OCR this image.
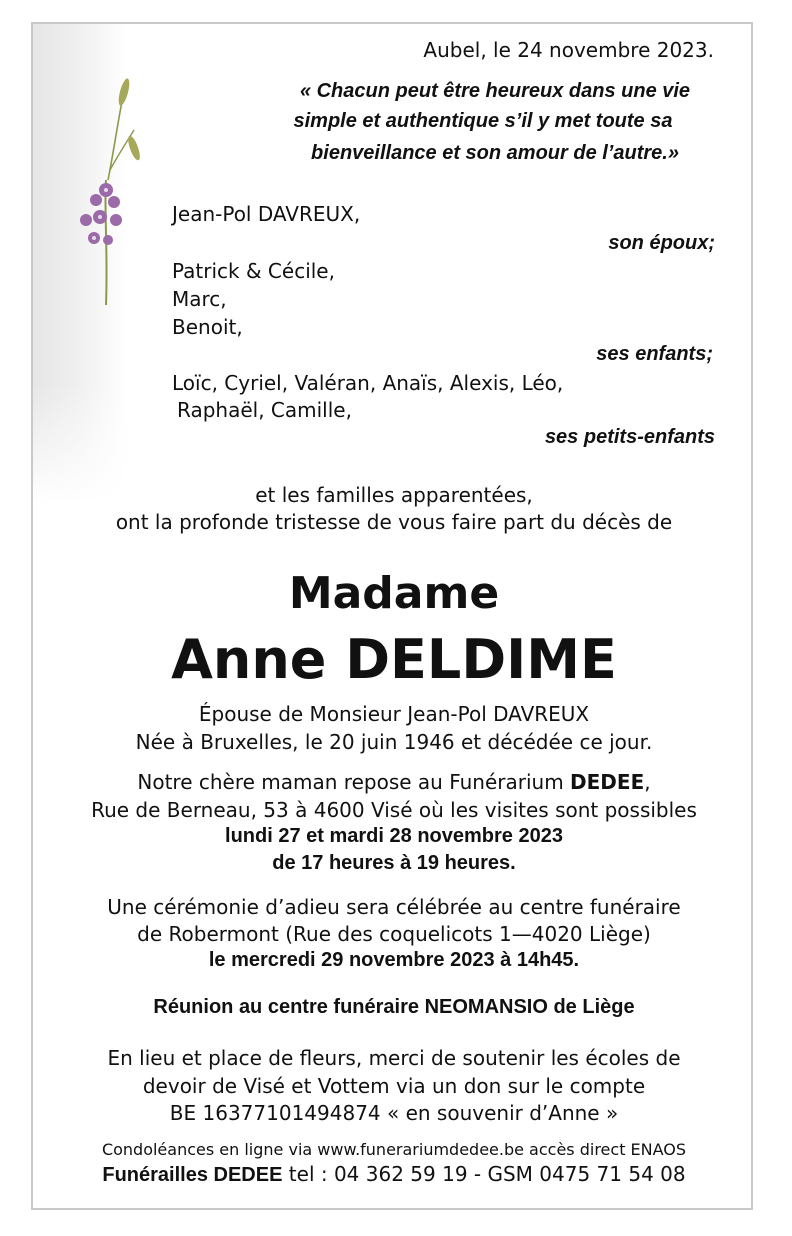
Aubel, le 24 novembre 2023.
« Chacun peut être heureux dans une vie
simple et authentique s’il y met toute sa
bienveillance et son amour de l’autre.»
Jean-Pol DAVREUX,
son époux;
Patrick & Cécile,
Marc,
Benoit,
ses enfants;
Loïc, Cyriel, Valéran, Anaïs, Alexis, Léo,
Raphaël, Camille,
ses petits-enfants
et les familles apparentées,
ont la profonde tristesse de vous faire part du décès de
Madame
Anne DELDIME
Épouse de Monsieur Jean-Pol DAVREUX
Née à Bruxelles, le 20 juin 1946 et décédée ce jour.
Notre chère maman repose au Funérarium DEDEE,
Rue de Berneau, 53 à 4600 Visé où les visites sont possibles
lundi 27 et mardi 28 novembre 2023
de 17 heures à 19 heures.
Une cérémonie d’adieu sera célébrée au centre funéraire
de Robermont (Rue des coquelicots 1—4020 Liège)
le mercredi 29 novembre 2023 à 14h45.
Réunion au centre funéraire NEOMANSIO de Liège
En lieu et place de fleurs, merci de soutenir les écoles de
devoir de Visé et Vottem via un don sur le compte
BE 16377101494874 « en souvenir d’Anne »
Condoléances en ligne via www.funerariumdedee.be accès direct ENAOS
Funérailles DEDEE tel : 04 362 59 19 - GSM 0475 71 54 08
